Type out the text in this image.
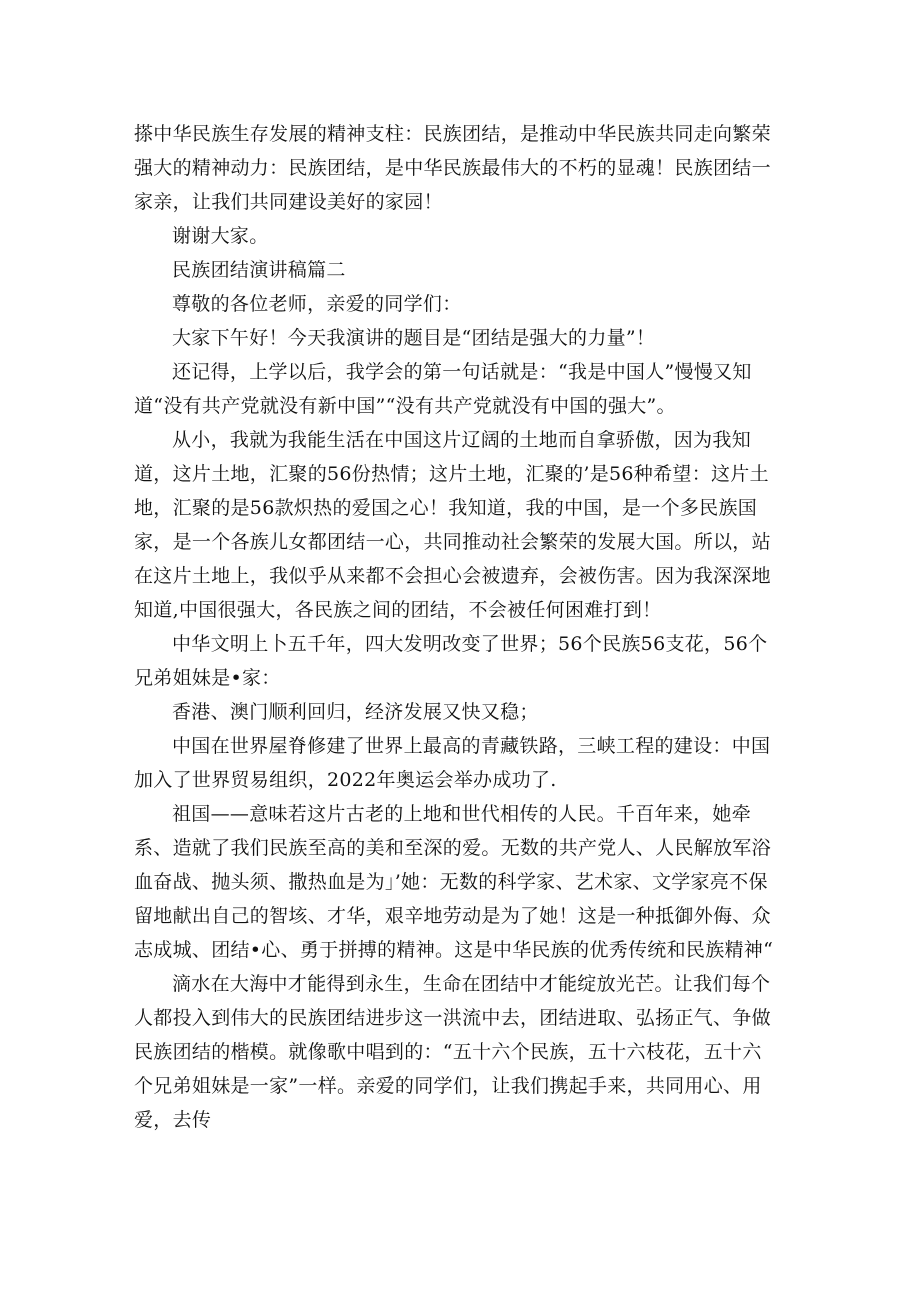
搽中华民族生存发展的精神支柱：民族团结，是推动中华民族共同走向繁荣强大的精神动力：民族团结，是中华民族最伟大的不朽的显魂！民族团结一家亲，让我们共同建设美好的家园！

谢谢大家。

民族团结演讲稿篇二

尊敬的各位老师，亲爱的同学们：

大家下午好！今天我演讲的题目是“团结是强大的力量”！

还记得，上学以后，我学会的第一句话就是：“我是中国人”慢慢又知道“没有共产党就没有新中国”“没有共产党就没有中国的强大”。

从小，我就为我能生活在中国这片辽阔的土地而自拿骄傲，因为我知道，这片土地，汇聚的56份热情；这片土地，汇聚的’是56种希望：这片土地，汇聚的是56款炽热的爱国之心！我知道，我的中国，是一个多民族国家，是一个各族儿女都团结一心，共同推动社会繁荣的发展大国。所以，站在这片土地上，我似乎从来都不会担心会被遗弃，会被伤害。因为我深深地知道,中国很强大，各民族之间的团结，不会被任何困难打到！

中华文明上卜五千年，四大发明改变了世界；56个民族56支花，56个兄弟姐妹是•家：

香港、澳门顺利回归，经济发展又快又稳；

中国在世界屋脊修建了世界上最高的青藏铁路，三峡工程的建设：中国加入了世界贸易组织，2022年奥运会举办成功了.

祖国——意味若这片古老的上地和世代相传的人民。千百年来，她牵系、造就了我们民族至高的美和至深的爱。无数的共产党人、人民解放军浴血奋战、抛头须、撒热血是为」’她：无数的科学家、艺术家、文学家亮不保留地献出自己的智垓、才华，艰辛地劳动是为了她！这是一种抵御外侮、众志成城、团结•心、勇于拼搏的精神。这是中华民族的优秀传统和民族精神“

滴水在大海中才能得到永生，生命在团结中才能绽放光芒。让我们每个人都投入到伟大的民族团结进步这一洪流中去，团结进取、弘扬正气、争做民族团结的楷模。就像歌中唱到的：“五十六个民族，五十六枝花，五十六个兄弟姐妹是一家”一样。亲爱的同学们，让我们携起手来，共同用心、用爱，去传
